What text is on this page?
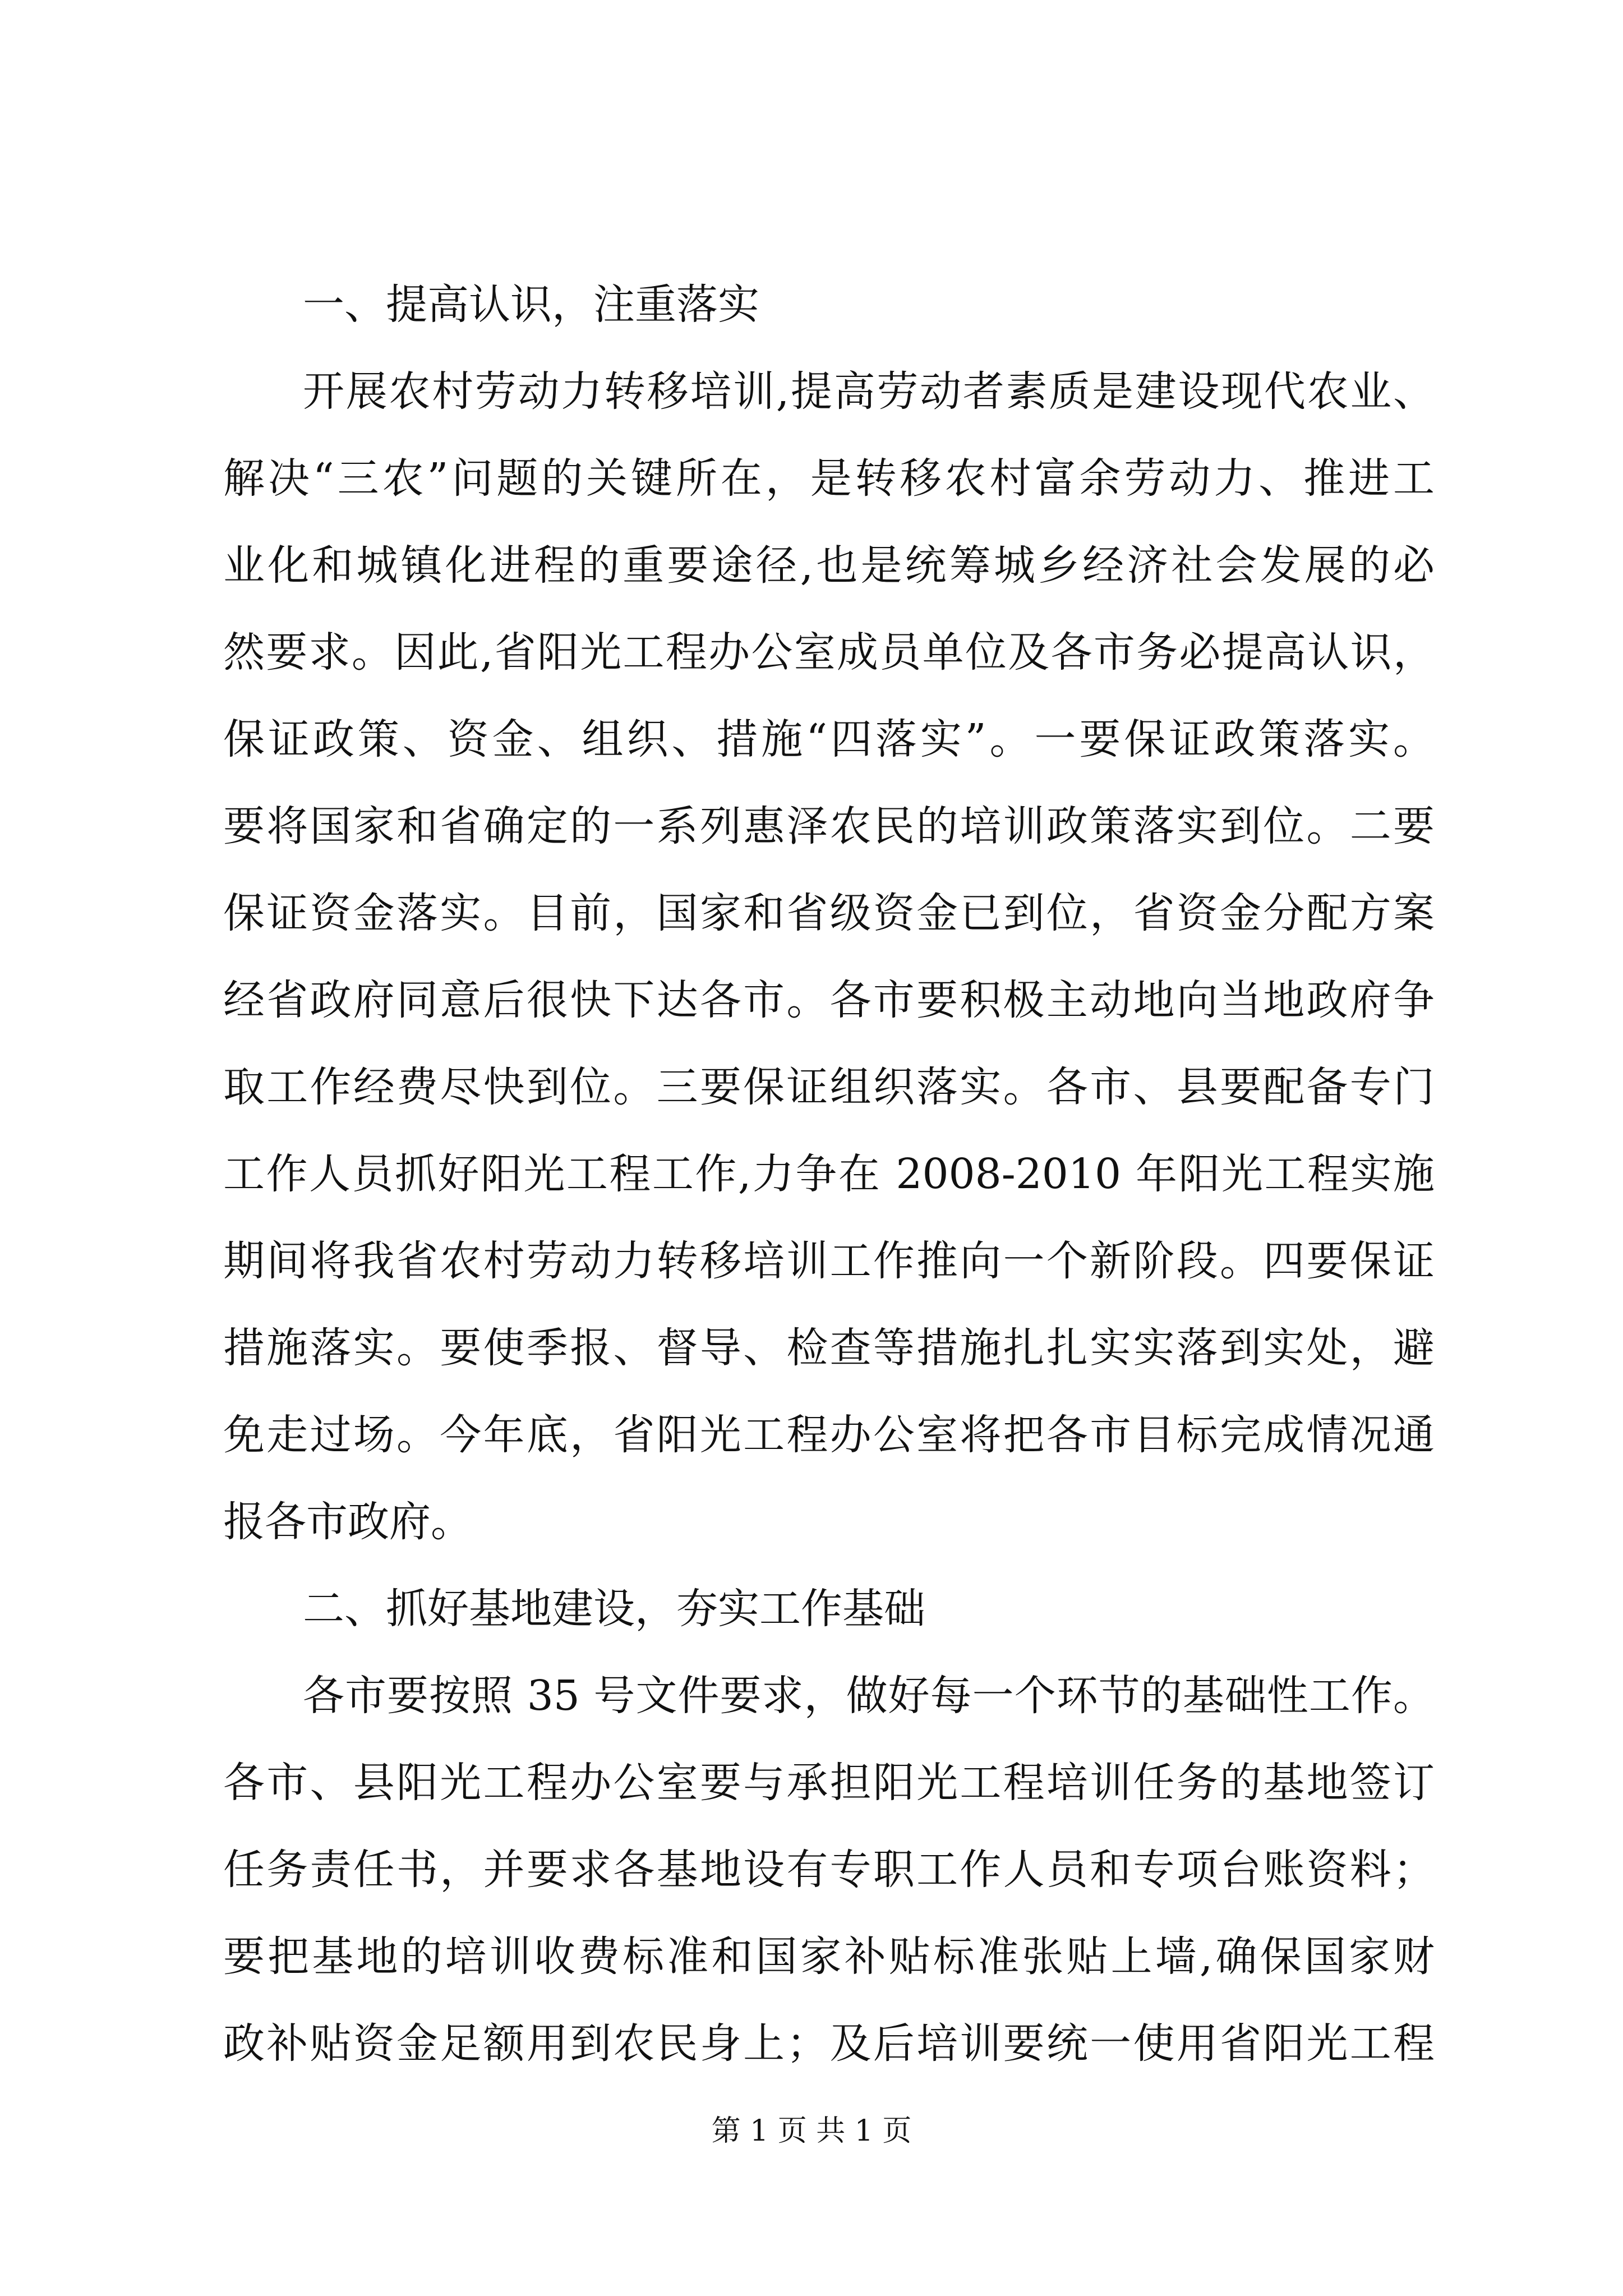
一、提高认识，注重落实

开展农村劳动力转移培训,提高劳动者素质是建设现代农业、
解决“三农”问题的关键所在，是转移农村富余劳动力、推进工
业化和城镇化进程的重要途径,也是统筹城乡经济社会发展的必
然要求。因此,省阳光工程办公室成员单位及各市务必提高认识，
保证政策、资金、组织、措施“四落实”。一要保证政策落实。
要将国家和省确定的一系列惠泽农民的培训政策落实到位。二要
保证资金落实。目前，国家和省级资金已到位，省资金分配方案
经省政府同意后很快下达各市。各市要积极主动地向当地政府争
取工作经费尽快到位。三要保证组织落实。各市、县要配备专门
工作人员抓好阳光工程工作,力争在 2008-2010 年阳光工程实施
期间将我省农村劳动力转移培训工作推向一个新阶段。四要保证
措施落实。要使季报、督导、检查等措施扎扎实实落到实处，避
免走过场。今年底，省阳光工程办公室将把各市目标完成情况通
报各市政府。

二、抓好基地建设，夯实工作基础

各市要按照 35 号文件要求，做好每一个环节的基础性工作。
各市、县阳光工程办公室要与承担阳光工程培训任务的基地签订
任务责任书，并要求各基地设有专职工作人员和专项台账资料；
要把基地的培训收费标准和国家补贴标准张贴上墙,确保国家财
政补贴资金足额用到农民身上；及后培训要统一使用省阳光工程

第 1 页 共 1 页
